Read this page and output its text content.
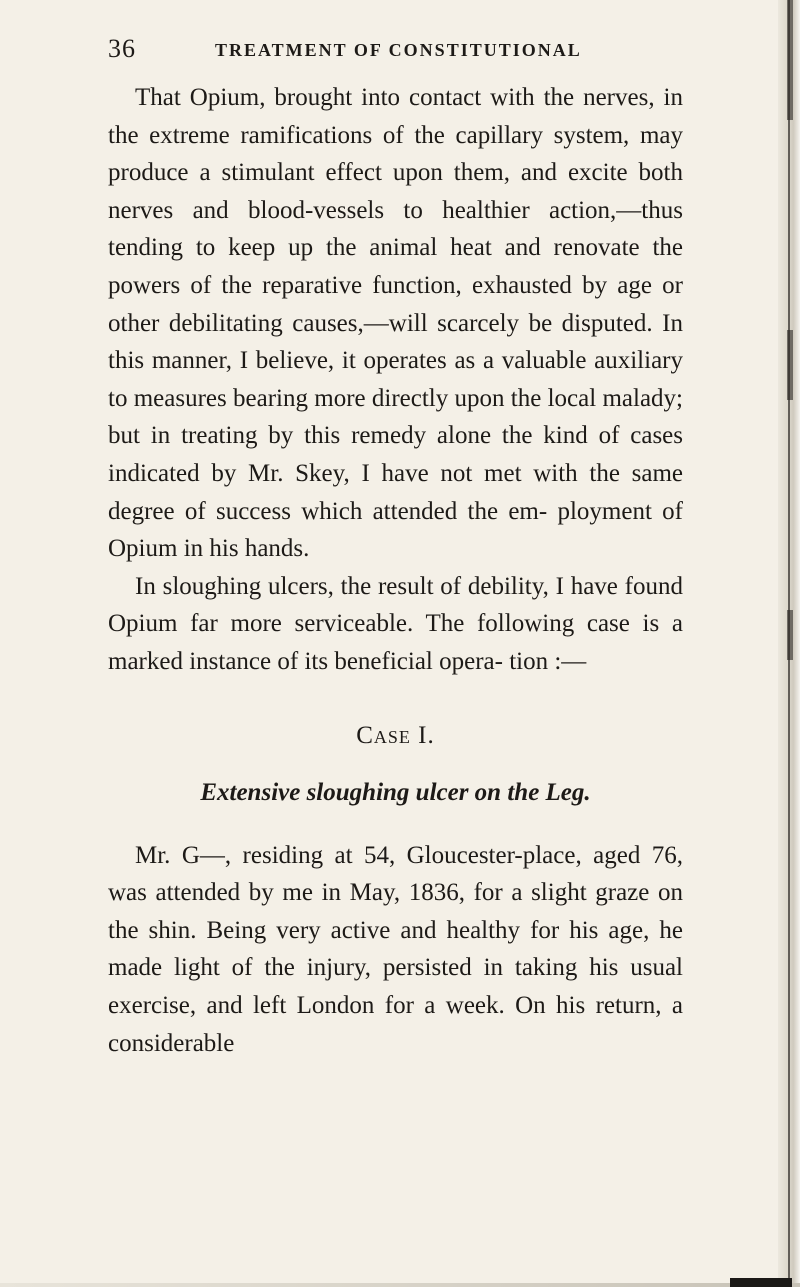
36	TREATMENT OF CONSTITUTIONAL

That Opium, brought into contact with the nerves, in the extreme ramifications of the capillary system, may produce a stimulant effect upon them, and excite both nerves and blood-vessels to healthier action,—thus tending to keep up the animal heat and renovate the powers of the reparative function, exhausted by age or other debilitating causes,—will scarcely be disputed. In this manner, I believe, it operates as a valuable auxiliary to measures bearing more directly upon the local malady; but in treating by this remedy alone the kind of cases indicated by Mr. Skey, I have not met with the same degree of success which attended the em- ployment of Opium in his hands.

In sloughing ulcers, the result of debility, I have found Opium far more serviceable. The following case is a marked instance of its beneficial opera- tion :—

Case I.

Extensive sloughing ulcer on the Leg.

Mr. G—, residing at 54, Gloucester-place, aged 76, was attended by me in May, 1836, for a slight graze on the shin. Being very active and healthy for his age, he made light of the injury, persisted in taking his usual exercise, and left London for a week. On his return, a considerable
